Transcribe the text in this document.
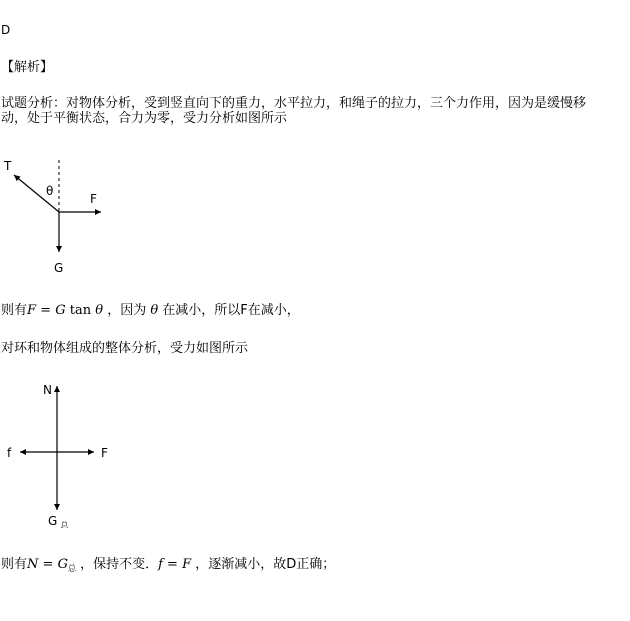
D
【解析】
试题分析：对物体分析，受到竖直向下的重力，水平拉力，和绳子的拉力，三个力作用，因为是缓慢移
动，处于平衡状态，合力为零，受力分析如图所示
T
θ
F
G
则有F = G tan θ ，因为 θ 在减小，所以F在减小，
对环和物体组成的整体分析，受力如图所示
N
f	F
G $_总$
则有$N = G_总$ ，保持不变．f = F ，逐渐减小，故D正确；
